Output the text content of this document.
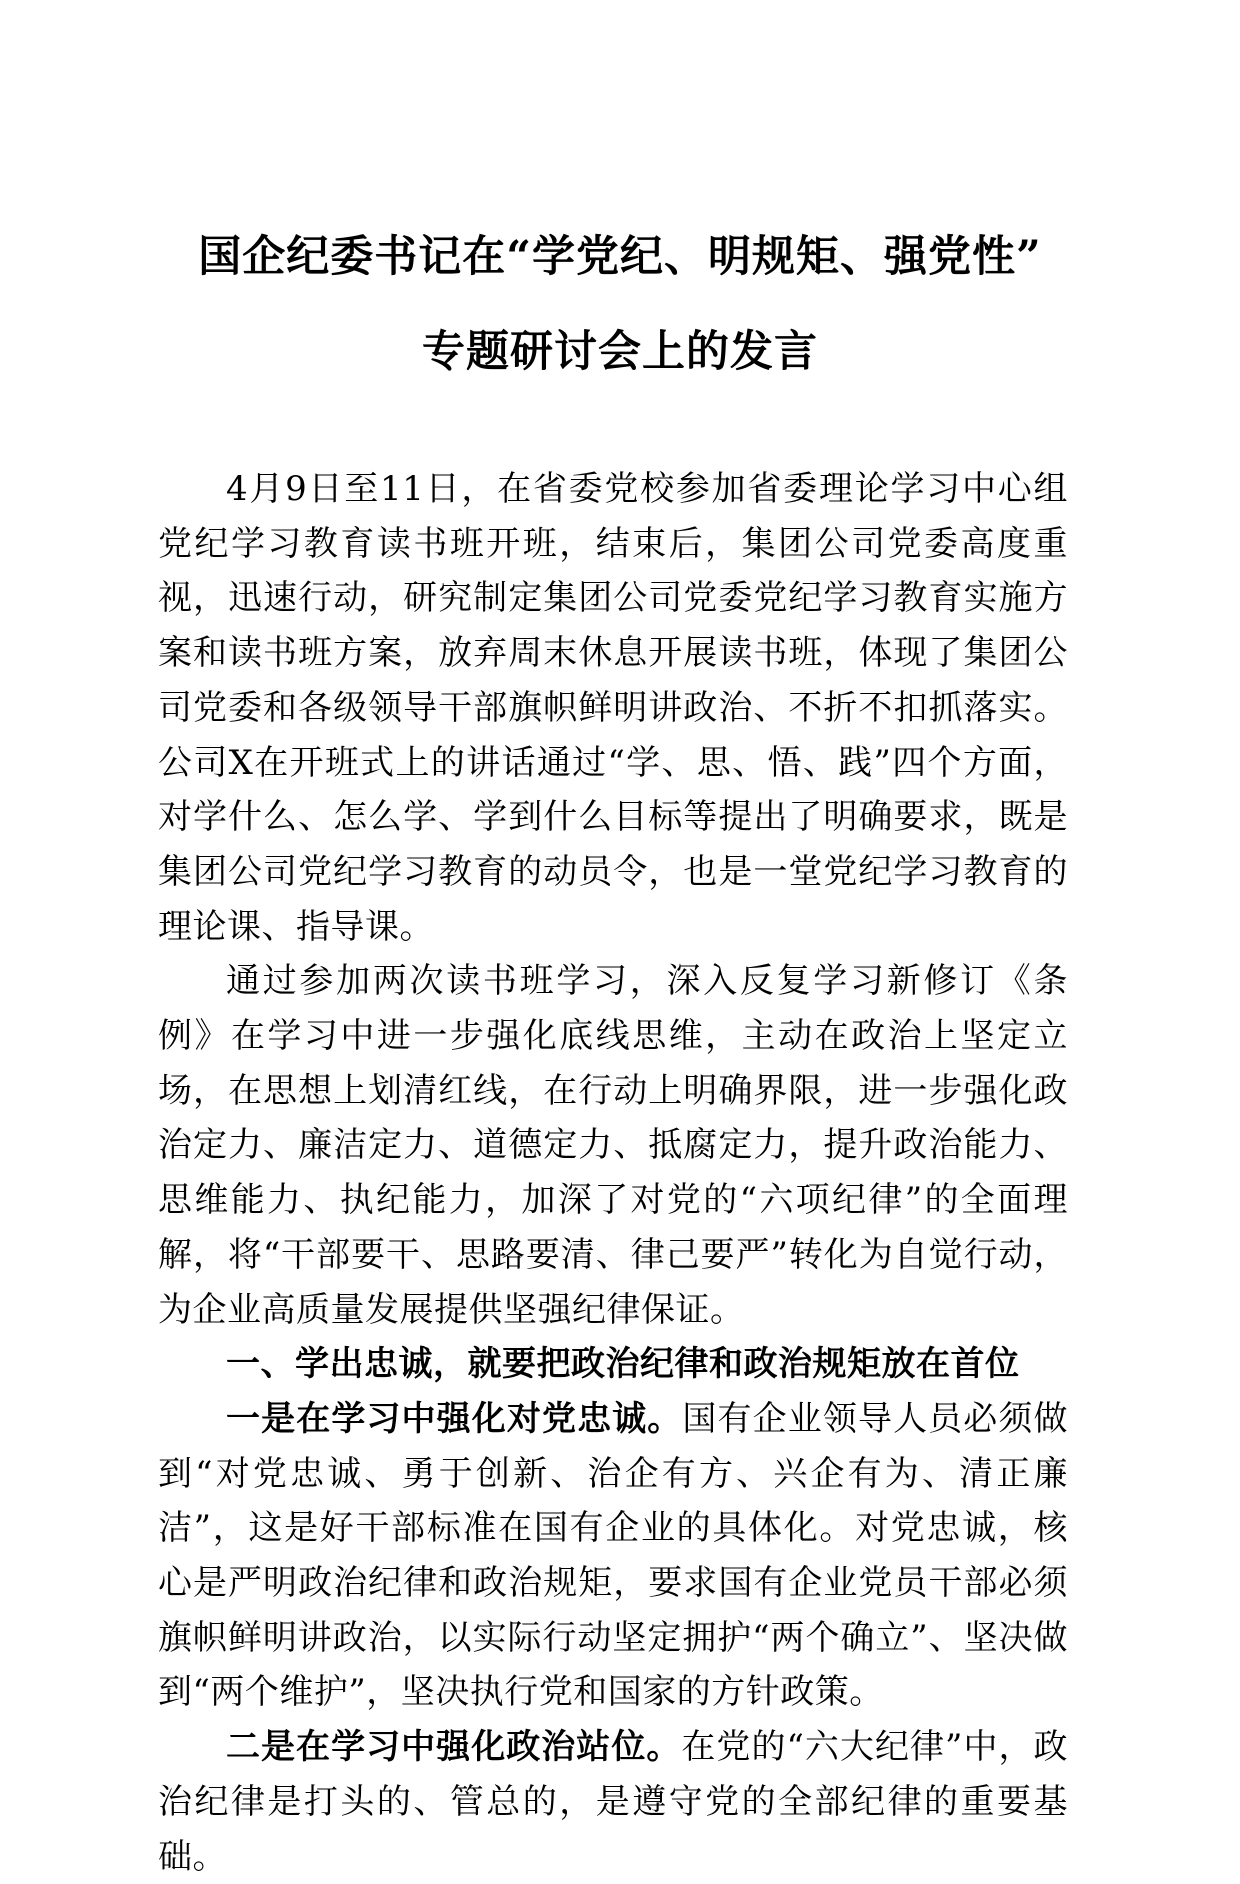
国企纪委书记在“学党纪、明规矩、强党性”
专题研讨会上的发言

4月9日至11日，在省委党校参加省委理论学习中心组党纪学习教育读书班开班，结束后，集团公司党委高度重视，迅速行动，研究制定集团公司党委党纪学习教育实施方案和读书班方案，放弃周末休息开展读书班，体现了集团公司党委和各级领导干部旗帜鲜明讲政治、不折不扣抓落实。公司X在开班式上的讲话通过“学、思、悟、践”四个方面，对学什么、怎么学、学到什么目标等提出了明确要求，既是集团公司党纪学习教育的动员令，也是一堂党纪学习教育的理论课、指导课。

通过参加两次读书班学习，深入反复学习新修订《条例》在学习中进一步强化底线思维，主动在政治上坚定立场，在思想上划清红线，在行动上明确界限，进一步强化政治定力、廉洁定力、道德定力、抵腐定力，提升政治能力、思维能力、执纪能力，加深了对党的“六项纪律”的全面理解，将“干部要干、思路要清、律己要严”转化为自觉行动，为企业高质量发展提供坚强纪律保证。

一、学出忠诚，就要把政治纪律和政治规矩放在首位

一是在学习中强化对党忠诚。国有企业领导人员必须做到“对党忠诚、勇于创新、治企有方、兴企有为、清正廉洁”，这是好干部标准在国有企业的具体化。对党忠诚，核心是严明政治纪律和政治规矩，要求国有企业党员干部必须旗帜鲜明讲政治，以实际行动坚定拥护“两个确立”、坚决做到“两个维护”，坚决执行党和国家的方针政策。

二是在学习中强化政治站位。在党的“六大纪律”中，政治纪律是打头的、管总的，是遵守党的全部纪律的重要基础。
